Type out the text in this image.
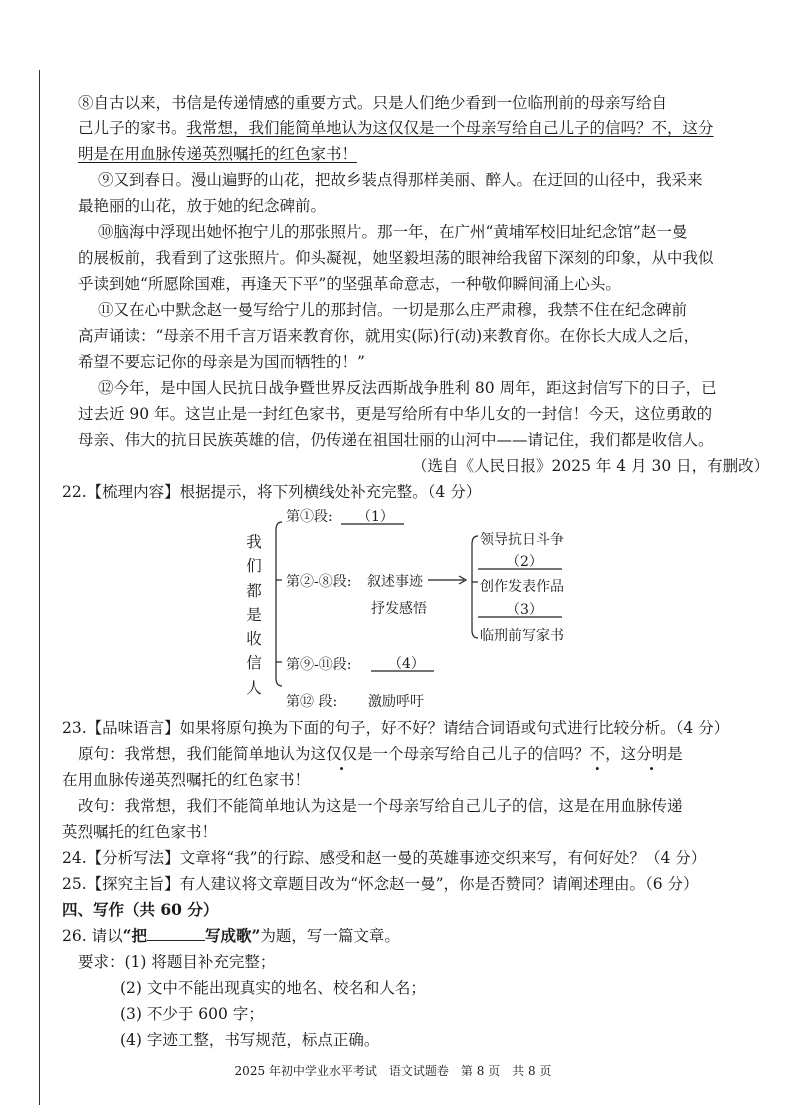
⑧自古以来，书信是传递情感的重要方式。只是人们绝少看到一位临刑前的母亲写给自
己儿子的家书。我常想，我们能简单地认为这仅仅是一个母亲写给自己儿子的信吗？不，这分
明是在用血脉传递英烈嘱托的红色家书！
⑨又到春日。漫山遍野的山花，把故乡装点得那样美丽、醉人。在迂回的山径中，我采来
最艳丽的山花，放于她的纪念碑前。
⑩脑海中浮现出她怀抱宁儿的那张照片。那一年，在广州“黄埔军校旧址纪念馆”赵一曼
的展板前，我看到了这张照片。仰头凝视，她坚毅坦荡的眼神给我留下深刻的印象，从中我似
乎读到她“所愿除国难，再逢天下平”的坚强革命意志，一种敬仰瞬间涌上心头。
⑪又在心中默念赵一曼写给宁儿的那封信。一切是那么庄严肃穆，我禁不住在纪念碑前
高声诵读：“母亲不用千言万语来教育你，就用实(际)行(动)来教育你。在你长大成人之后，
希望不要忘记你的母亲是为国而牺牲的！”
⑫今年，是中国人民抗日战争暨世界反法西斯战争胜利 80 周年，距这封信写下的日子，已
过去近 90 年。这岂止是一封红色家书，更是写给所有中华儿女的一封信！今天，这位勇敢的
母亲、伟大的抗日民族英雄的信，仍传递在祖国壮丽的山河中——请记住，我们都是收信人。
（选自《人民日报》2025 年 4 月 30 日，有删改）
22.【梳理内容】根据提示，将下列横线处补充完整。（4 分）
我
们
都
是
收
信
人
第①段: （1）
第②-⑧段: 叙述事迹
抒发感悟
领导抗日斗争
（2）
创作发表作品
（3）
临刑前写家书
第⑨-⑪段:	（4）
第⑫ 段: 激励呼吁
23.【品味语言】如果将原句换为下面的句子，好不好？请结合词语或句式进行比较分析。（4 分）
原句：我常想，我们能简单地认为这仅仅是一个母亲写给自己儿子的信吗？不，这分明是
在用血脉传递英烈嘱托的红色家书！
改句：我常想，我们不能简单地认为这是一个母亲写给自己儿子的信，这是在用血脉传递
英烈嘱托的红色家书！
24.【分析写法】文章将“我”的行踪、感受和赵一曼的英雄事迹交织来写，有何好处？（4 分）
25.【探究主旨】有人建议将文章题目改为“怀念赵一曼”，你是否赞同？请阐述理由。（6 分）
四、写作（共 60 分）
26. 请以“把	写成歌”为题，写一篇文章。
要求：(1) 将题目补充完整；
(2) 文中不能出现真实的地名、校名和人名；
(3) 不少于 600 字；
(4) 字迹工整，书写规范，标点正确。
2025 年初中学业水平考试　语文试题卷　第 8 页　共 8 页
